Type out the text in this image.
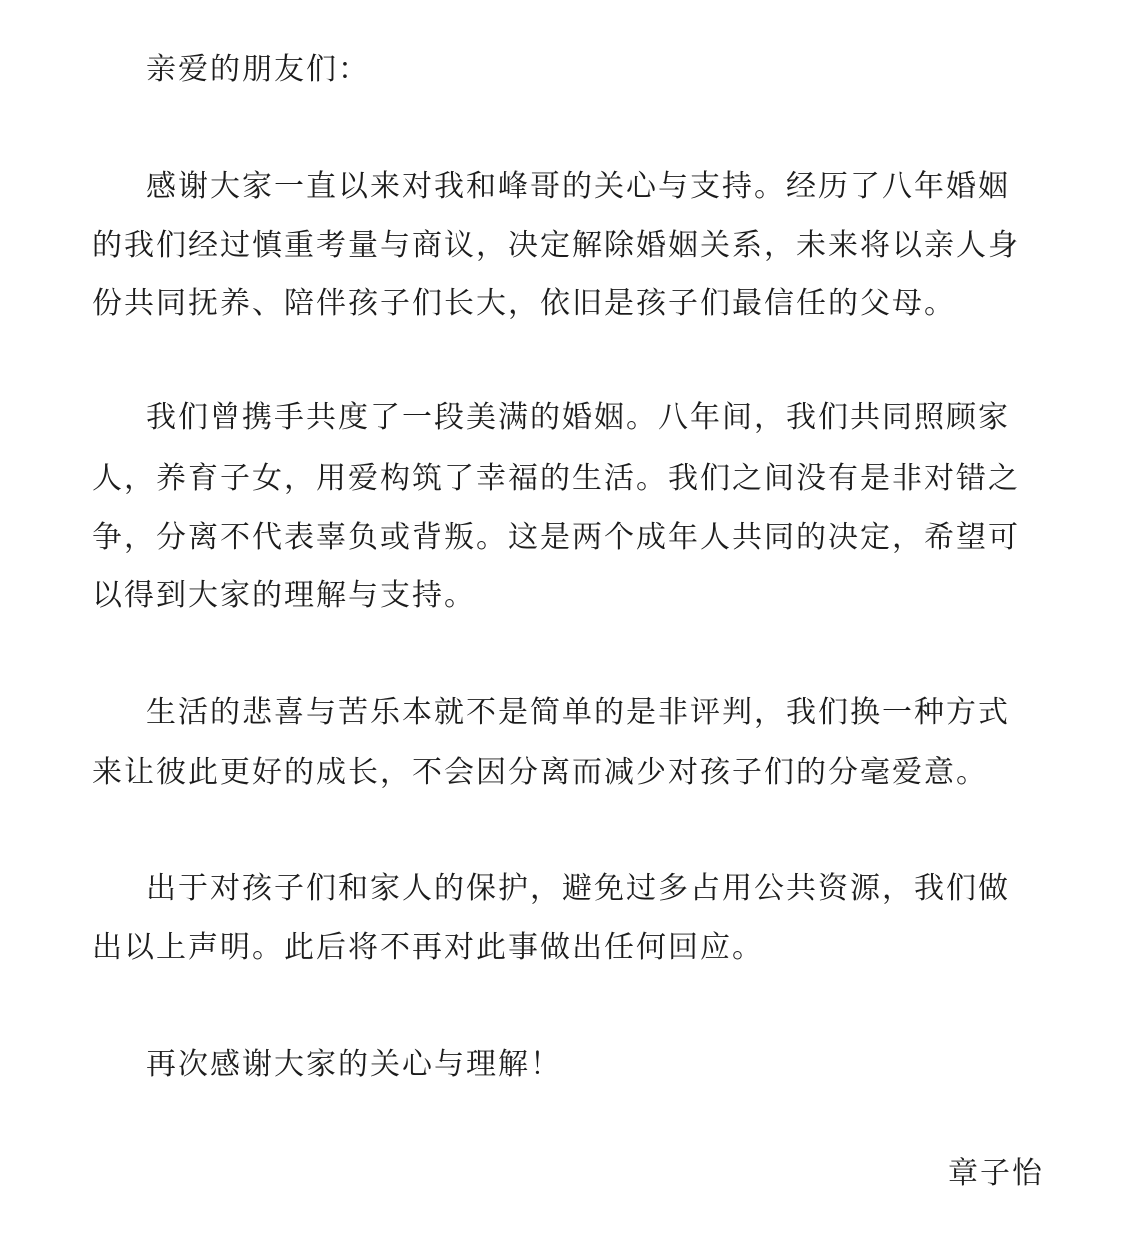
亲爱的朋友们：
感谢大家一直以来对我和峰哥的关心与支持。经历了八年婚姻
的我们经过慎重考量与商议，决定解除婚姻关系，未来将以亲人身
份共同抚养、陪伴孩子们长大，依旧是孩子们最信任的父母。
我们曾携手共度了一段美满的婚姻。八年间，我们共同照顾家
人，养育子女，用爱构筑了幸福的生活。我们之间没有是非对错之
争，分离不代表辜负或背叛。这是两个成年人共同的决定，希望可
以得到大家的理解与支持。
生活的悲喜与苦乐本就不是简单的是非评判，我们换一种方式
来让彼此更好的成长，不会因分离而减少对孩子们的分毫爱意。
出于对孩子们和家人的保护，避免过多占用公共资源，我们做
出以上声明。此后将不再对此事做出任何回应。
再次感谢大家的关心与理解！
章子怡
